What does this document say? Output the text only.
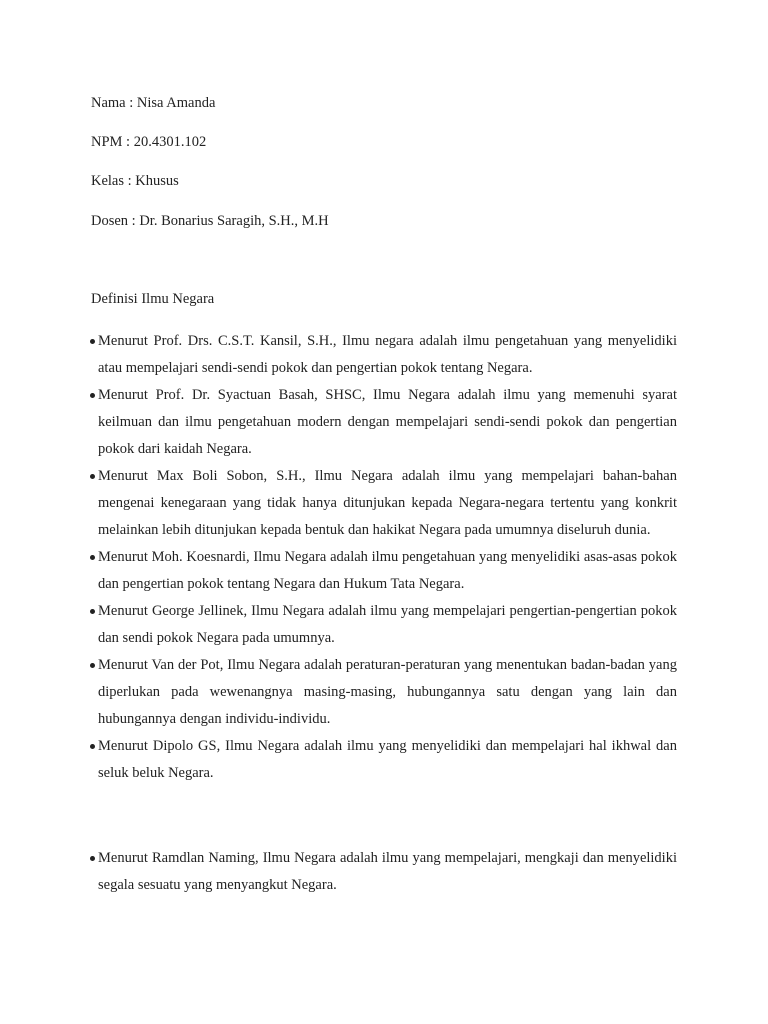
Nama : Nisa Amanda
NPM : 20.4301.102
Kelas : Khusus
Dosen : Dr. Bonarius Saragih, S.H., M.H
Definisi Ilmu Negara
Menurut Prof. Drs. C.S.T. Kansil, S.H., Ilmu negara adalah ilmu pengetahuan yang menyelidiki atau mempelajari sendi-sendi pokok dan pengertian pokok tentang Negara.
Menurut Prof. Dr. Syactuan Basah, SHSC, Ilmu Negara adalah ilmu yang memenuhi syarat keilmuan dan ilmu pengetahuan modern dengan mempelajari sendi-sendi pokok dan pengertian pokok dari kaidah Negara.
Menurut Max Boli Sobon, S.H., Ilmu Negara adalah ilmu yang mempelajari bahan-bahan mengenai kenegaraan yang tidak hanya ditunjukan kepada Negara-negara tertentu yang konkrit melainkan lebih ditunjukan kepada bentuk dan hakikat Negara pada umumnya diseluruh dunia.
Menurut Moh. Koesnardi, Ilmu Negara adalah ilmu pengetahuan yang menyelidiki asas-asas pokok dan pengertian pokok tentang Negara dan Hukum Tata Negara.
Menurut George Jellinek, Ilmu Negara adalah ilmu yang mempelajari pengertian-pengertian pokok dan sendi pokok Negara pada umumnya.
Menurut Van der Pot, Ilmu Negara adalah peraturan-peraturan yang menentukan badan-badan yang diperlukan pada wewenangnya masing-masing, hubungannya satu dengan yang lain dan hubungannya dengan individu-individu.
Menurut Dipolo GS, Ilmu Negara adalah ilmu yang menyelidiki dan mempelajari hal ikhwal dan seluk beluk Negara.
Menurut Ramdlan Naming, Ilmu Negara adalah ilmu yang mempelajari, mengkaji dan menyelidiki segala sesuatu yang menyangkut Negara.
